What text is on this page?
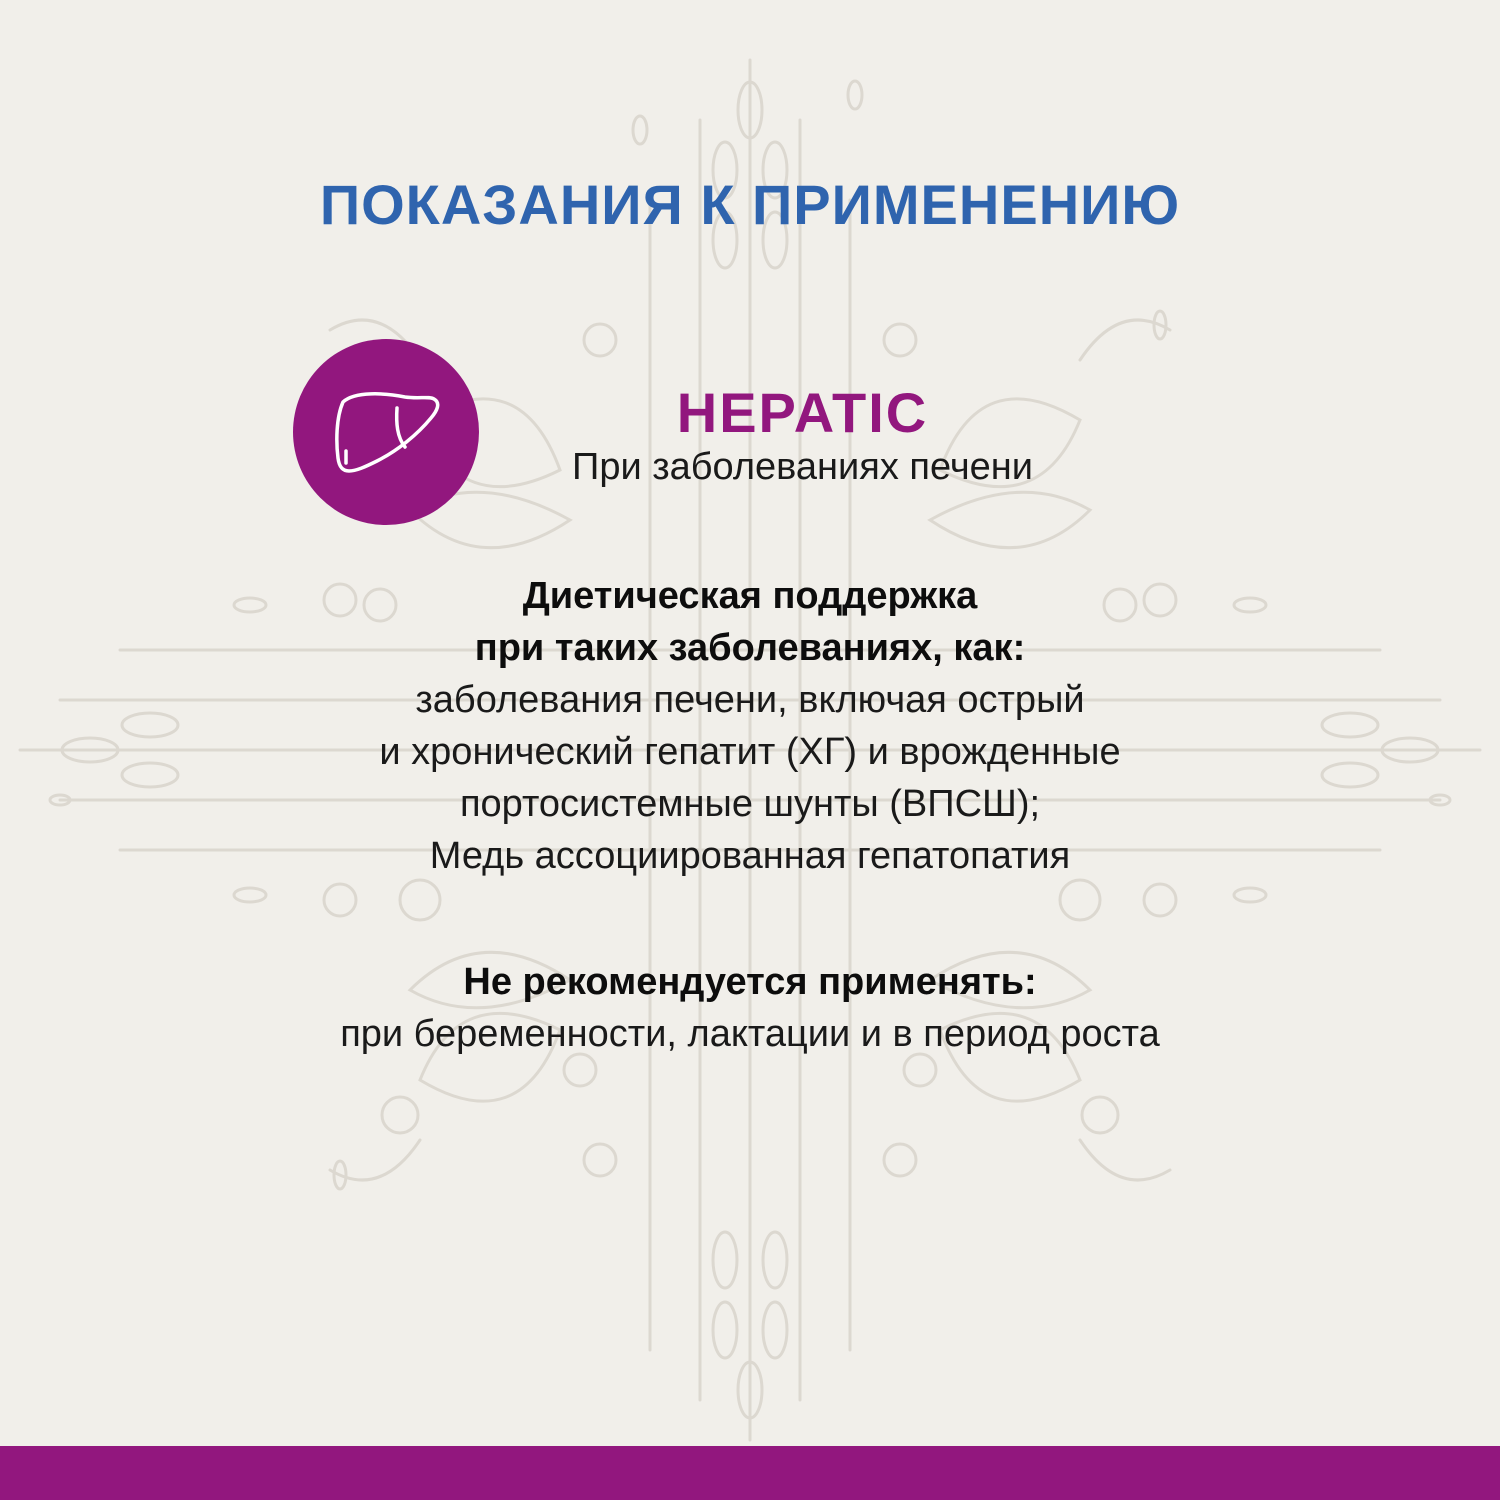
ПОКАЗАНИЯ К ПРИМЕНЕНИЮ
HEPATIC
При заболеваниях печени
Диетическая поддержка
при таких заболеваниях, как:
заболевания печени, включая острый
и хронический гепатит (ХГ) и врожденные
портосистемные шунты (ВПСШ);
Медь ассоциированная гепатопатия
Не рекомендуется применять:
при беременности, лактации и в период роста
